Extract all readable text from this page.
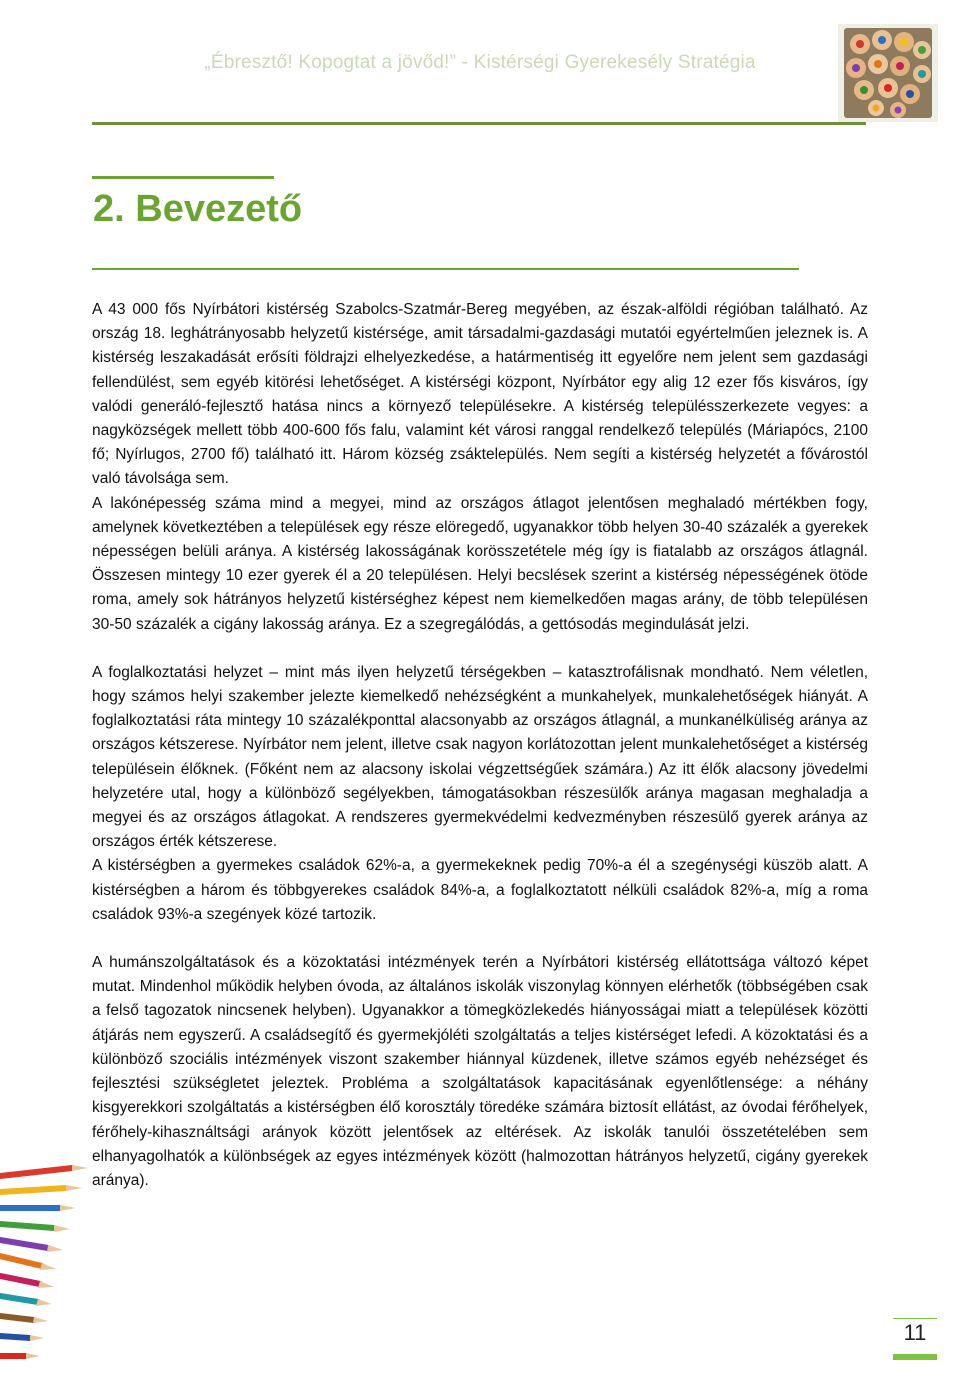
„Ébresztő! Kopogtat a jövőd!” - Kistérségi Gyerekesély Stratégia
2. Bevezető

A 43 000 fős Nyírbátori kistérség Szabolcs-Szatmár-Bereg megyében, az észak-alföldi régióban található. Az ország 18. leghátrányosabb helyzetű kistérsége, amit társadalmi-gazdasági mutatói egyértelműen jeleznek is. A kistérség leszakadását erősíti földrajzi elhelyezkedése, a határmentiség itt egyelőre nem jelent sem gazdasági fellendülést, sem egyéb kitörési lehetőséget. A kistérségi központ, Nyírbátor egy alig 12 ezer fős kisváros, így valódi generáló-fejlesztő hatása nincs a környező településekre. A kistérség településszerkezete vegyes: a nagyközségek mellett több 400-600 fős falu, valamint két városi ranggal rendelkező település (Máriapócs, 2100 fő; Nyírlugos, 2700 fő) található itt. Három község zsáktelepülés. Nem segíti a kistérség helyzetét a fővárostól való távolsága sem.

A lakónépesség száma mind a megyei, mind az országos átlagot jelentősen meghaladó mértékben fogy, amelynek következtében a települések egy része elöregedő, ugyanakkor több helyen 30-40 százalék a gyerekek népességen belüli aránya. A kistérség lakosságának korösszetétele még így is fiatalabb az országos átlagnál. Összesen mintegy 10 ezer gyerek él a 20 településen. Helyi becslések szerint a kistérség népességének ötöde roma, amely sok hátrányos helyzetű kistérséghez képest nem kiemelkedően magas arány, de több településen 30-50 százalék a cigány lakosság aránya. Ez a szegregálódás, a gettósodás megindulását jelzi.

A foglalkoztatási helyzet – mint más ilyen helyzetű térségekben – katasztrofálisnak mondható. Nem véletlen, hogy számos helyi szakember jelezte kiemelkedő nehézségként a munkahelyek, munkalehetőségek hiányát. A foglalkoztatási ráta mintegy 10 százalékponttal alacsonyabb az országos átlagnál, a munkanélküliség aránya az országos kétszerese. Nyírbátor nem jelent, illetve csak nagyon korlátozottan jelent munkalehetőséget a kistérség településein élőknek. (Főként nem az alacsony iskolai végzettségűek számára.) Az itt élők alacsony jövedelmi helyzetére utal, hogy a különböző segélyekben, támogatásokban részesülők aránya magasan meghaladja a megyei és az országos átlagokat. A rendszeres gyermekvédelmi kedvezményben részesülő gyerek aránya az országos érték kétszerese.

A kistérségben a gyermekes családok 62%-a, a gyermekeknek pedig 70%-a él a szegénységi küszöb alatt. A kistérségben a három és többgyerekes családok 84%-a, a foglalkoztatott nélküli családok 82%-a, míg a roma családok 93%-a szegények közé tartozik.

A humánszolgáltatások és a közoktatási intézmények terén a Nyírbátori kistérség ellátottsága változó képet mutat. Mindenhol működik helyben óvoda, az általános iskolák viszonylag könnyen elérhetők (többségében csak a felső tagozatok nincsenek helyben). Ugyanakkor a tömegközlekedés hiányosságai miatt a települések közötti átjárás nem egyszerű. A családsegítő és gyermekjóléti szolgáltatás a teljes kistérséget lefedi. A közoktatási és a különböző szociális intézmények viszont szakember hiánnyal küzdenek, illetve számos egyéb nehézséget és fejlesztési szükségletet jeleztek. Probléma a szolgáltatások kapacitásának egyenlőtlensége: a néhány kisgyerekkori szolgáltatás a kistérségben élő korosztály töredéke számára biztosít ellátást, az óvodai férőhelyek, férőhely-kihasználtsági arányok között jelentősek az eltérések. Az iskolák tanulói összetételében sem elhanyagolhatók a különbségek az egyes intézmények között (halmozottan hátrányos helyzetű, cigány gyerekek aránya).

11
